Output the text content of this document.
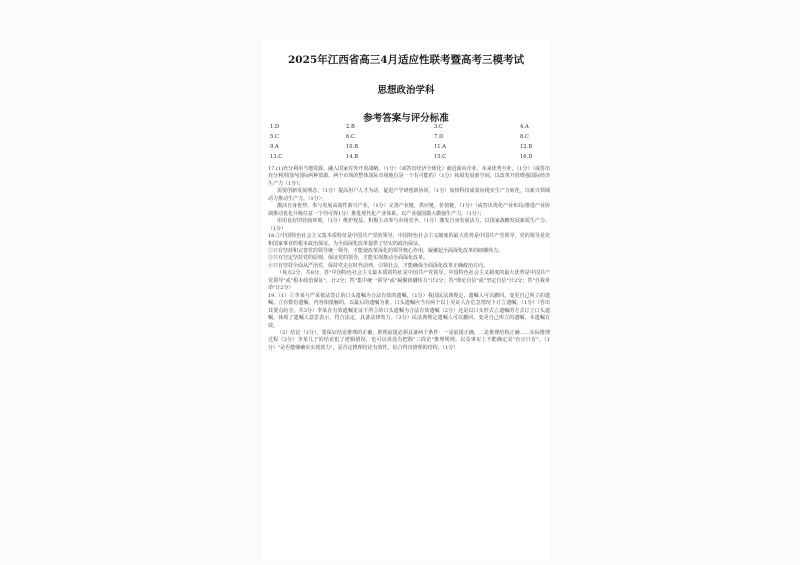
2025年江西省高三4月适应性联考暨高考三模考试
思想政治学科
参考答案与评分标准
1.D	2.B	3.C	4.A
5.C	6.C	7.D	8.C
9.A	10.B	11.A	12.B
13.C	14.B	15.C	16.D

17.(1)充分利用当地资源，融入国家对外开放战略。（1分）（或答出经济全球化）就近面向企业，未来优势互补，（1分）（或答出充分利用国内国际两种资源、两个市场的整体国际市场地位是一个有可能的）（1分）拓展发展新空间，以改革开放增强国际经济生产力（1分）；

需要创新发展理念，（1分）提高用户人才为动，促进产学研创新协同，（1分）加快科技成果向现实生产力转化，以新兴领域动力推动生产力。（1分）；

激活自身优势，参与发展高端性新兴产业，（1分）完善产业链，供应链，价值链，（1分）（或答出优化产业布局/推进产业协调推动优化升级任意一个均可得1分）推进现代化产业体系，以产业强国做大做强生产力。（1分）；

用用良好的营商环境，（1分）维护权益，积极主动参与市场竞争，（1分）激发自身发展活力，以国家战略发展新质生产力。（1分）

18.①中国特色社会主义集本质特征是中国共产党的领导，中国特色社会主义制度的最大优势是中国共产党领导，党的领导是党和国家事业的根本政治保证。为全面深化改革提供了坚实的政治保证。

②只有坚持和完善党的领导统一领导，才能使改革深化的领导核心作用，凝聚起全面深化改革的磅礴伟力。

③只有坚定坚持党的原则，保证党的领导，才能实现推动全面深化改革。

④只有坚持全面从严治党，保持党走在时代前列，引领社会，才能确保全面深化改革正确政治方向。

（每点2分，共8分。答"中国特色社会主义最本质的特征是中国共产党领导，中国特色社会主义制度的最大优势是中国共产党领导"或"根本政治保证"，计2分；答"集中统一领导"或"凝聚磅礴伟力"计2分；答"理论自信"或"坚定自信"计2分；答"自我革命"计2分）

19.（1）①李某与严某依法签订的口头遗嘱为合法有效的遗嘱。（1分）我国民法典规定，遗嘱人可以撤回、变更自己所立的遗嘱。立有数份遗嘱，内容相抵触的，以最后的遗嘱为准。口头遗嘱应当有两个以上见证人在危急情况下订立遗嘱。（1分）（答出其要点给分，共3分）李某在有效遗嘱见证下所立的口头遗嘱为合法有效遗嘱（2分）这是以口头形式立遗嘱的方式订立口头遗嘱，体现了遗嘱人意思表示，符合法定，具备法律效力。（2分）民法典规定遗嘱人可以撤回、变更自己所立的遗嘱，本遗嘱有效。

（2）结论（1分），要保证结论推理的正确，推理前提必须具备两个条件：一是前提正确，二是推理结构正确……实际推理过程（2分）李某儿子的结论犯了逻辑错误，也可以说没有把握"三段论"推理规则。以及事实上不能确定其"有且只有"，（1分）"是否能够确实实现效力"，是否定推理结论有效性。综合得出推理的结构，（1分）
